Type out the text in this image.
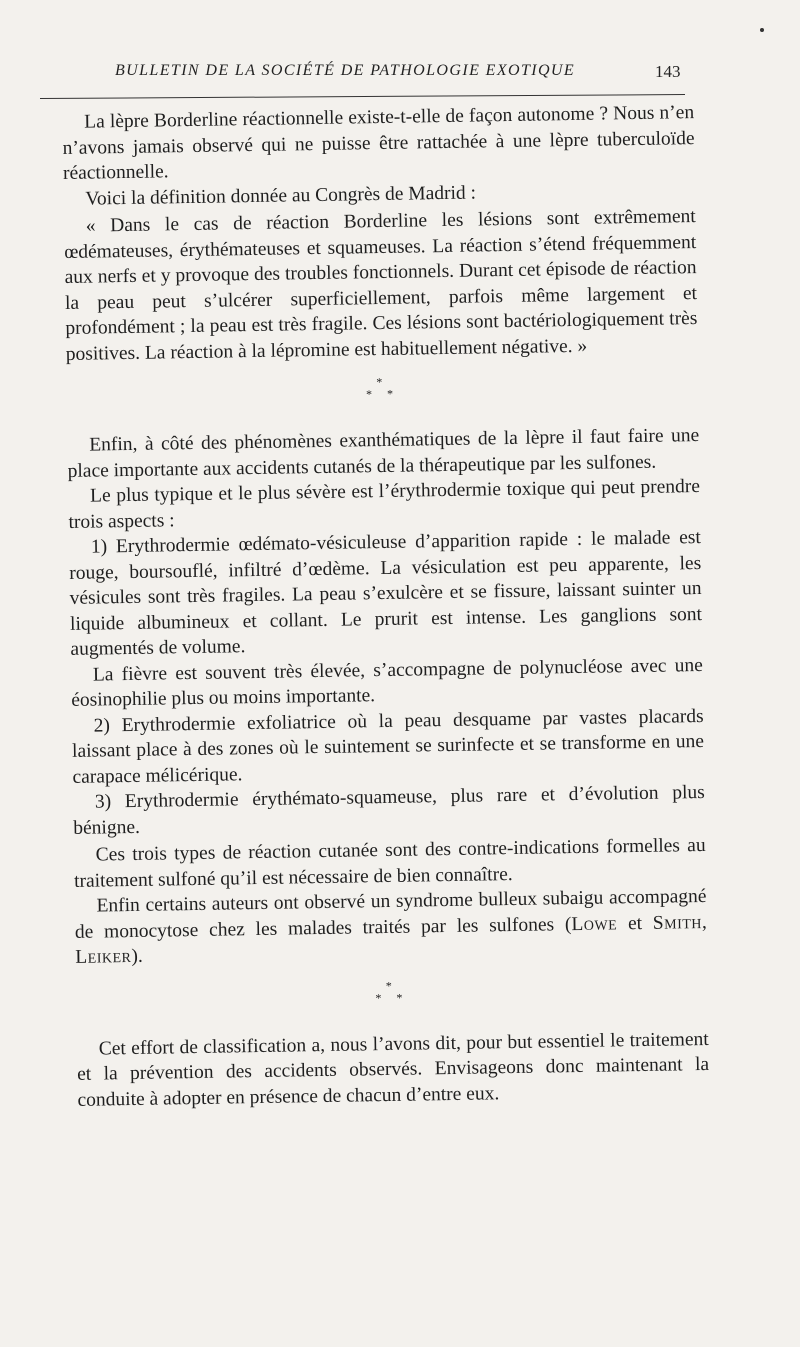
BULLETIN DE LA SOCIÉTÉ DE PATHOLOGIE EXOTIQUE	143

La lèpre Borderline réactionnelle existe-t-elle de façon autonome ? Nous n’en n’avons jamais observé qui ne puisse être rattachée à une lèpre tuberculoïde réactionnelle.

Voici la définition donnée au Congrès de Madrid :

« Dans le cas de réaction Borderline les lésions sont extrêmement œdémateuses, érythémateuses et squameuses. La réaction s’étend fréquemment aux nerfs et y provoque des troubles fonctionnels. Durant cet épisode de réaction la peau peut s’ulcérer superficiellement, parfois même largement et profondément ; la peau est très fragile. Ces lésions sont bactériologiquement très positives. La réaction à la lépromine est habituellement négative. »

*
* *

Enfin, à côté des phénomènes exanthématiques de la lèpre il faut faire une place importante aux accidents cutanés de la thérapeutique par les sulfones.

Le plus typique et le plus sévère est l’érythrodermie toxique qui peut prendre trois aspects :

1) Erythrodermie œdémato-vésiculeuse d’apparition rapide : le malade est rouge, boursouflé, infiltré d’œdème. La vésiculation est peu apparente, les vésicules sont très fragiles. La peau s’exulcère et se fissure, laissant suinter un liquide albumineux et collant. Le prurit est intense. Les ganglions sont augmentés de volume.

La fièvre est souvent très élevée, s’accompagne de polynucléose avec une éosinophilie plus ou moins importante.

2) Erythrodermie exfoliatrice où la peau desquame par vastes placards laissant place à des zones où le suintement se surinfecte et se transforme en une carapace mélicérique.

3) Erythrodermie érythémato-squameuse, plus rare et d’évolution plus bénigne.

Ces trois types de réaction cutanée sont des contre-indications formelles au traitement sulfoné qu’il est nécessaire de bien connaître.

Enfin certains auteurs ont observé un syndrome bulleux subaigu accompagné de monocytose chez les malades traités par les sulfones (Lowe et Smith, Leiker).

*
* *

Cet effort de classification a, nous l’avons dit, pour but essentiel le traitement et la prévention des accidents observés. Envisageons donc maintenant la conduite à adopter en présence de chacun d’entre eux.
